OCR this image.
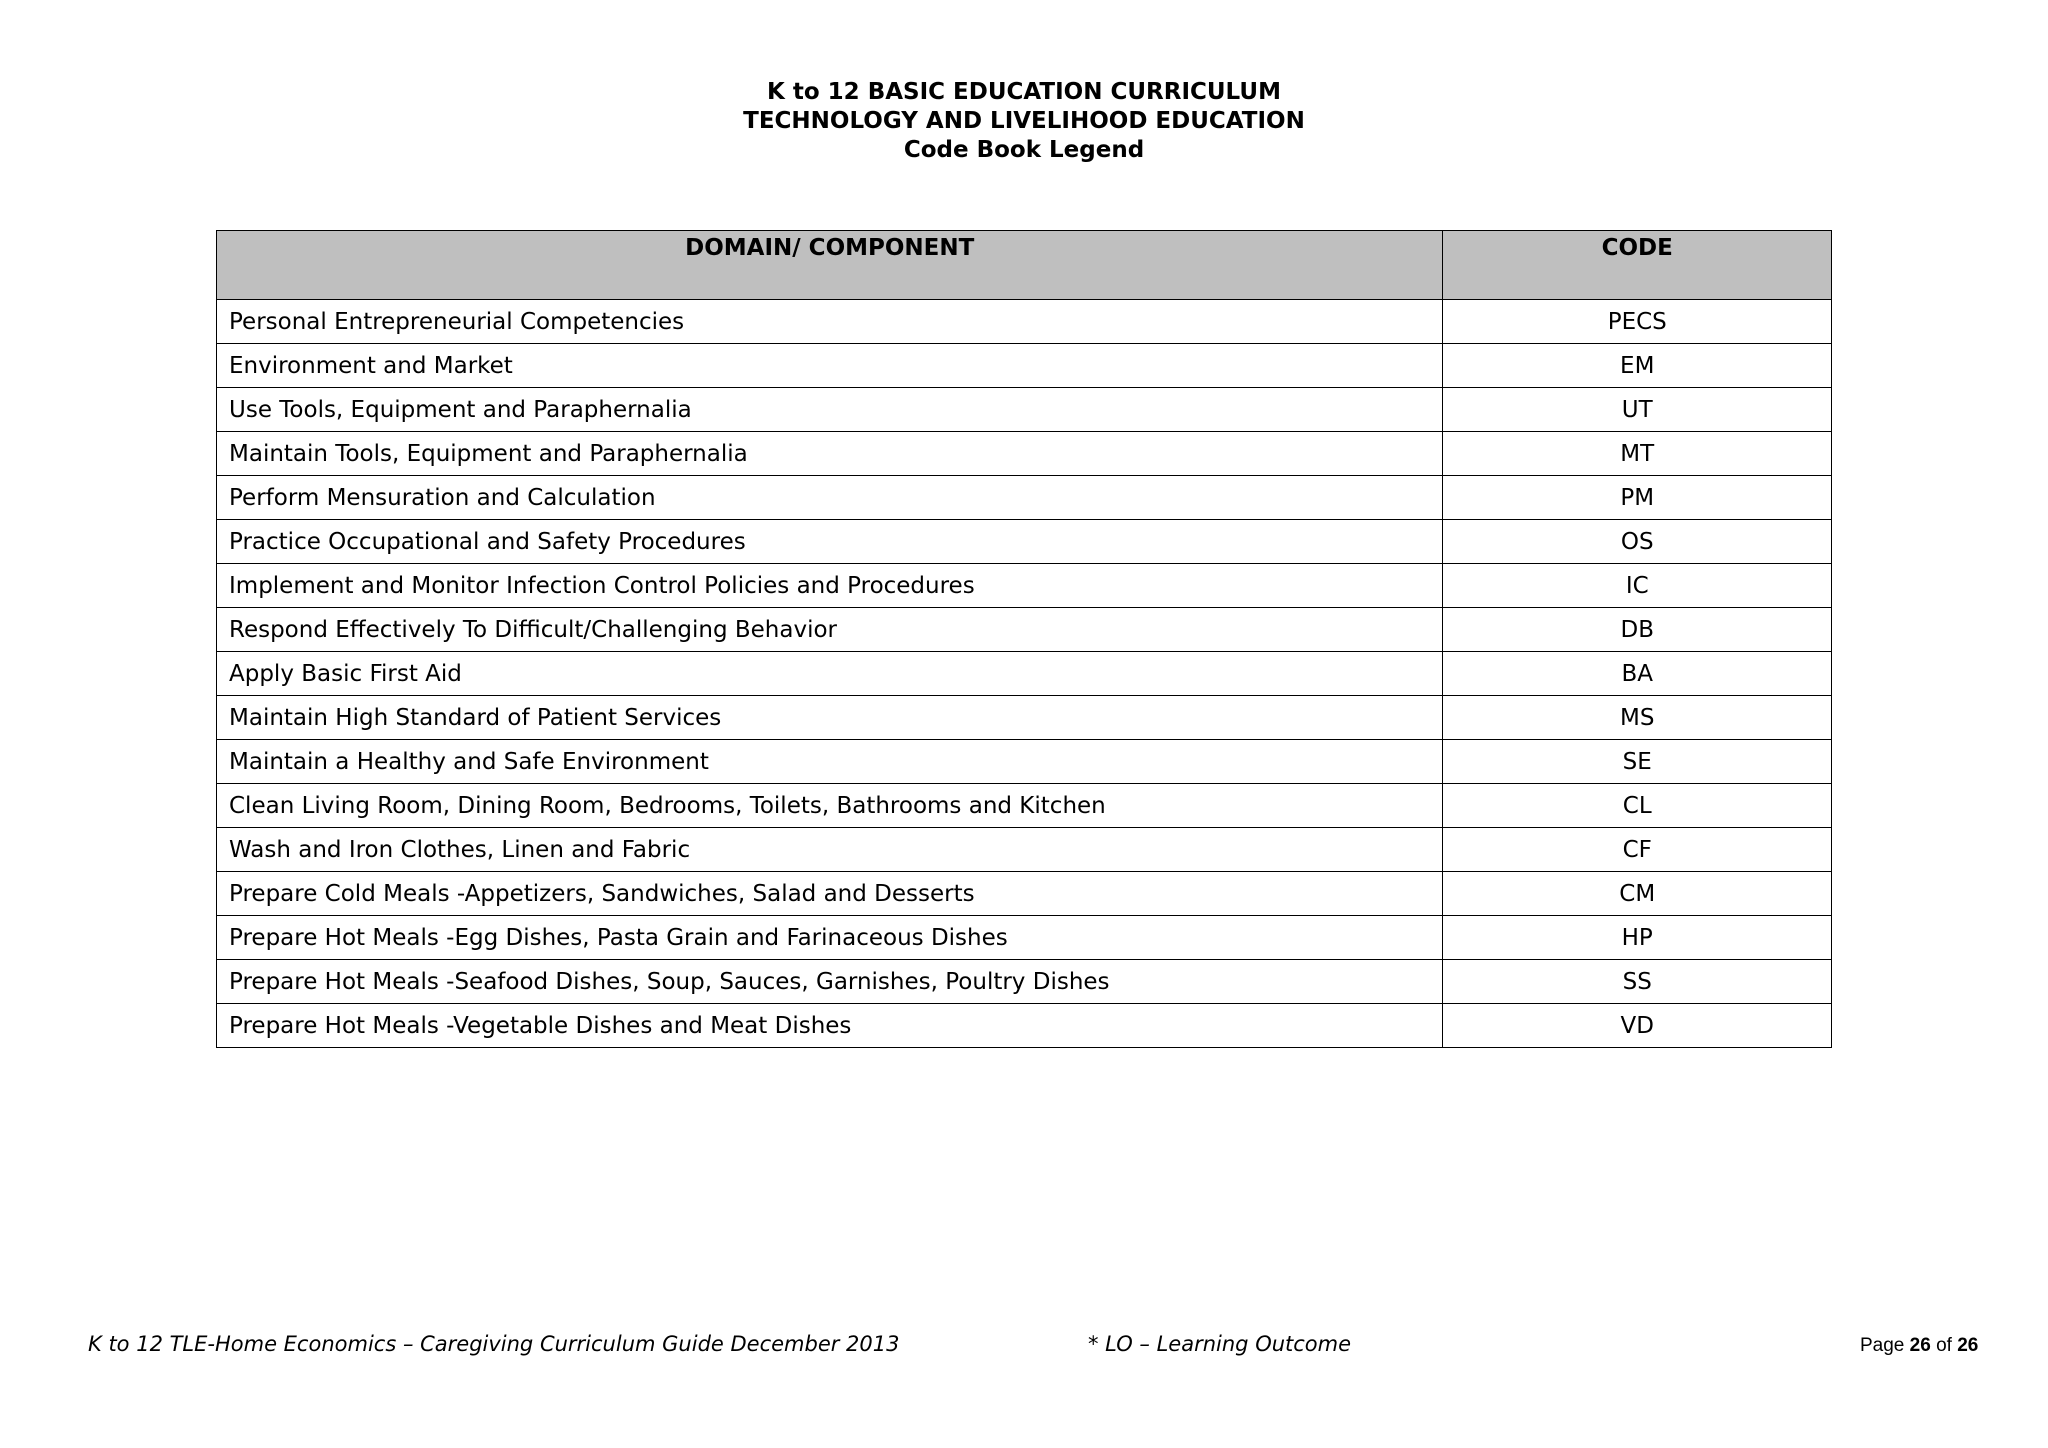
K to 12 BASIC EDUCATION CURRICULUM
TECHNOLOGY AND LIVELIHOOD EDUCATION
Code Book Legend
DOMAIN/ COMPONENT	CODE
Personal Entrepreneurial Competencies	PECS
Environment and Market	EM
Use Tools, Equipment and Paraphernalia	UT
Maintain Tools, Equipment and Paraphernalia	MT
Perform Mensuration and Calculation	PM
Practice Occupational and Safety Procedures	OS
Implement and Monitor Infection Control Policies and Procedures	IC
Respond Effectively To Difficult/Challenging Behavior	DB
Apply Basic First Aid	BA
Maintain High Standard of Patient Services	MS
Maintain a Healthy and Safe Environment	SE
Clean Living Room, Dining Room, Bedrooms, Toilets, Bathrooms and Kitchen	CL
Wash and Iron Clothes, Linen and Fabric	CF
Prepare Cold Meals -Appetizers, Sandwiches, Salad and Desserts	CM
Prepare Hot Meals -Egg Dishes, Pasta Grain and Farinaceous Dishes	HP
Prepare Hot Meals -Seafood Dishes, Soup, Sauces, Garnishes, Poultry Dishes	SS
Prepare Hot Meals -Vegetable Dishes and Meat Dishes	VD
K to 12 TLE-Home Economics – Caregiving Curriculum Guide December 2013	* LO – Learning Outcome	Page 26 of 26
